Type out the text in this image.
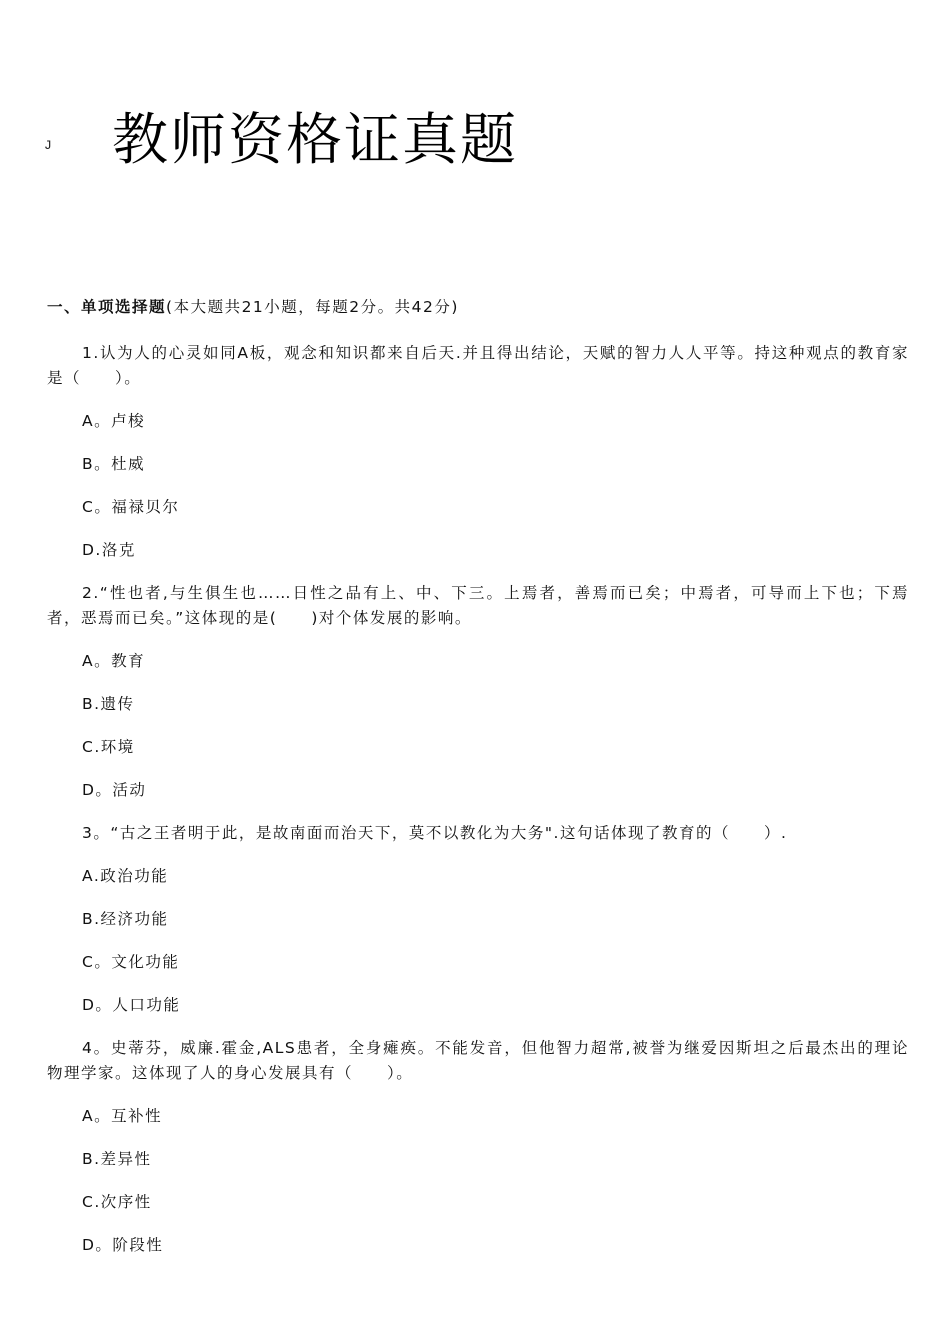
J 教师资格证真题

一、单项选择题(本大题共21小题，每题2分。共42分)

1.认为人的心灵如同A板，观念和知识都来自后天.并且得出结论，天赋的智力人人平等。持这种观点的教育家是（　　）。

A。卢梭

B。杜威

C。福禄贝尔

D.洛克

2.“性也者,与生俱生也……日性之品有上、中、下三。上焉者，善焉而已矣；中焉者，可导而上下也；下焉者，恶焉而已矣。”这体现的是(　　)对个体发展的影响。

A。教育

B.遗传

C.环境

D。活动

3。“古之王者明于此，是故南面而治天下，莫不以教化为大务".这句话体现了教育的（　　）.

A.政治功能

B.经济功能

C。文化功能

D。人口功能

4。史蒂芬，威廉.霍金,ALS患者，全身瘫痪。不能发音，但他智力超常,被誉为继爱因斯坦之后最杰出的理论物理学家。这体现了人的身心发展具有（　　）。

A。互补性

B.差异性

C.次序性

D。阶段性
